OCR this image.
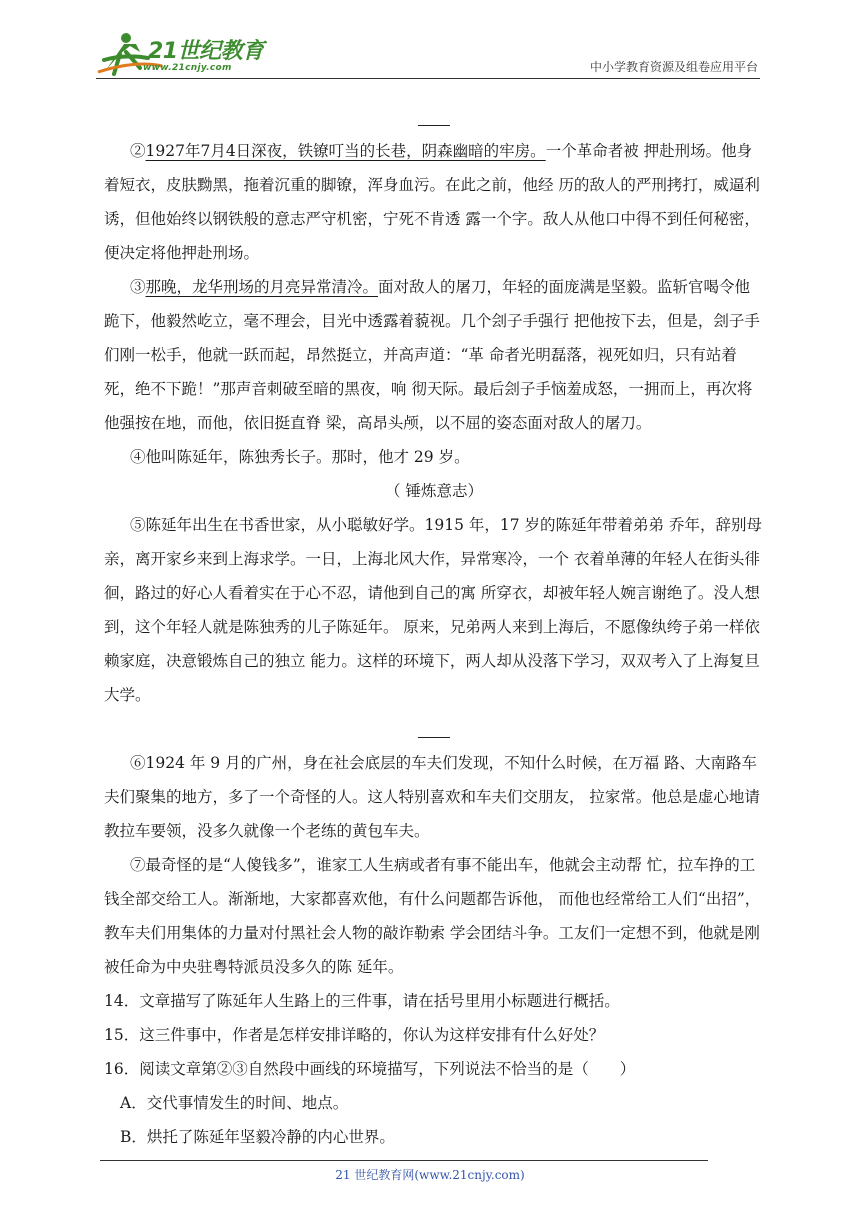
21世纪教育
www.21cnjy.com	中小学教育资源及组卷应用平台

②1927年7月4日深夜，铁镣叮当的长巷，阴森幽暗的牢房。一个革命者被 押赴刑场。他身着短衣，皮肤黝黑，拖着沉重的脚镣，浑身血污。在此之前，他经 历的敌人的严刑拷打，威逼利诱，但他始终以钢铁般的意志严守机密，宁死不肯透 露一个字。敌人从他口中得不到任何秘密，便决定将他押赴刑场。

③那晚，龙华刑场的月亮异常清冷。面对敌人的屠刀，年轻的面庞满是坚毅。监斩官喝令他跪下，他毅然屹立，毫不理会，目光中透露着藐视。几个刽子手强行 把他按下去，但是，刽子手们刚一松手，他就一跃而起，昂然挺立，并高声道：“革 命者光明磊落，视死如归，只有站着死，绝不下跪！”那声音刺破至暗的黑夜，响 彻天际。最后刽子手恼羞成怒，一拥而上，再次将他强按在地，而他，依旧挺直脊 梁，高昂头颅，以不屈的姿态面对敌人的屠刀。

④他叫陈延年，陈独秀长子。那时，他才 29 岁。

（ 锤炼意志）

⑤陈延年出生在书香世家，从小聪敏好学。1915 年，17 岁的陈延年带着弟弟 乔年，辞别母亲，离开家乡来到上海求学。一日，上海北风大作，异常寒冷，一个 衣着单薄的年轻人在街头徘徊，路过的好心人看着实在于心不忍，请他到自己的寓 所穿衣，却被年轻人婉言谢绝了。没人想到，这个年轻人就是陈独秀的儿子陈延年。 原来，兄弟两人来到上海后，不愿像纨绔子弟一样依赖家庭，决意锻炼自己的独立 能力。这样的环境下，两人却从没落下学习，双双考入了上海复旦大学。

⑥1924 年 9 月的广州，身在社会底层的车夫们发现，不知什么时候，在万福 路、大南路车夫们聚集的地方，多了一个奇怪的人。这人特别喜欢和车夫们交朋友， 拉家常。他总是虚心地请教拉车要领，没多久就像一个老练的黄包车夫。

⑦最奇怪的是“人傻钱多”，谁家工人生病或者有事不能出车，他就会主动帮 忙，拉车挣的工钱全部交给工人。渐渐地，大家都喜欢他，有什么问题都告诉他， 而他也经常给工人们“出招”，教车夫们用集体的力量对付黑社会人物的敲诈勒索 学会团结斗争。工友们一定想不到，他就是刚被任命为中央驻粤特派员没多久的陈 延年。

14．文章描写了陈延年人生路上的三件事，请在括号里用小标题进行概括。

15．这三件事中，作者是怎样安排详略的，你认为这样安排有什么好处？

16．阅读文章第②③自然段中画线的环境描写，下列说法不恰当的是（　　）

A．交代事情发生的时间、地点。

B．烘托了陈延年坚毅冷静的内心世界。

21 世纪教育网(www.21cnjy.com)
